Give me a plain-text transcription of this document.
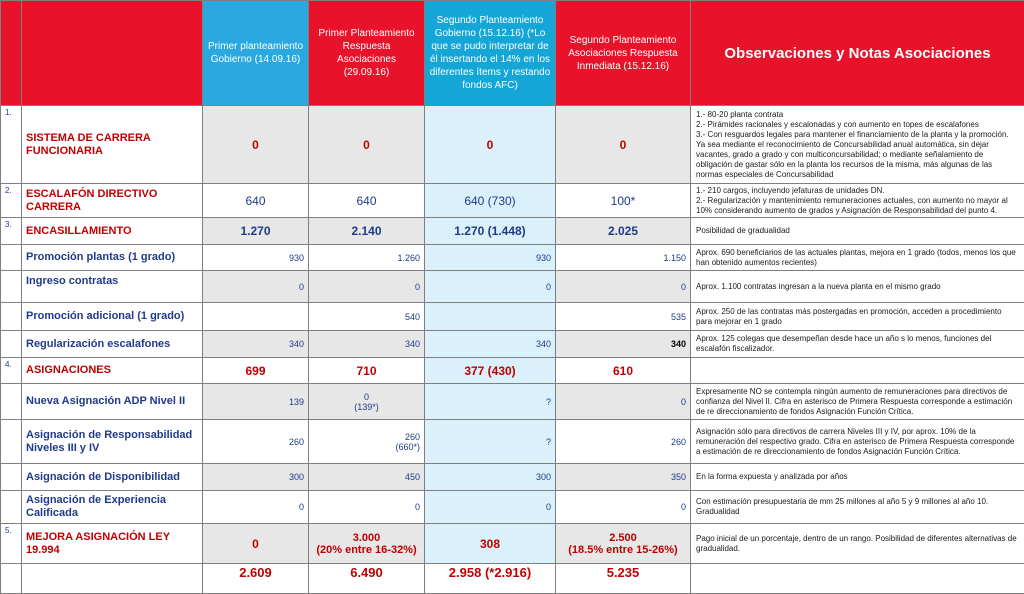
		Primer planteamiento Gobierno (14.09.16)	Primer Planteamiento Respuesta Asociaciones (29.09.16)	Segundo Planteamiento Gobierno (15.12.16) (*Lo que se pudo interpretar de él insertando el 14% en los diferentes ítems y restando fondos AFC)	Segundo Planteamiento Asociaciones Respuesta Inmediata (15.12.16)	Observaciones y Notas Asociaciones
1.	SISTEMA DE CARRERA FUNCIONARIA	0	0	0	0	1.- 80-20 planta contrata
2.- Pirámides racionales y escalonadas y con aumento en topes de escalafones
3.- Con resguardos legales para mantener el financiamiento de la planta y la promoción. Ya sea mediante el reconocimiento de Concursabilidad anual automática, sin dejar vacantes, grado a grado y con multiconcursabilidad; o mediante señalamiento de obligación de gastar sólo en la planta los recursos de la misma, más algunas de las normas especiales de Concursabilidad
2.	ESCALAFÓN DIRECTIVO CARRERA	640	640	640 (730)	100*	1.- 210 cargos, incluyendo jefaturas de unidades DN.
2.- Regularización y mantenimiento remuneraciones actuales, con aumento no mayor al 10% considerando aumento de grados y Asignación de Responsabilidad del punto 4.
3.	ENCASILLAMIENTO	1.270	2.140	1.270 (1.448)	2.025	Posibilidad de gradualidad
	Promoción plantas (1 grado)	930	1.260	930	1.150	Aprox. 690 beneficiarios de las actuales plantas, mejora en 1 grado (todos, menos los que han obtenido aumentos recientes)
	Ingreso contratas	0	0	0	0	Aprox. 1.100 contratas ingresan a la nueva planta en el mismo grado
	Promoción adicional (1 grado)		540		535	Aprox. 250 de las contratas más postergadas en promoción, acceden a procedimiento para mejorar en 1 grado
	Regularización escalafones	340	340	340	340	Aprox. 125 colegas que desempeñan desde hace un año s lo menos, funciones del escalafón fiscalizador.
4.	ASIGNACIONES	699	710	377 (430)	610	
	Nueva Asignación ADP Nivel II	139	0
(139*)	?	0	Expresamente NO se contempla ningún aumento de remuneraciones para directivos de confianza del Nivel II. Cifra en asterisco de Primera Respuesta corresponde a estimación de re direccionamiento de fondos Asignación Función Crítica.
	Asignación de Responsabilidad Niveles III y IV	260	260
(660*)	?	260	Asignación sólo para directivos de carrera Niveles III y IV, por aprox. 10% de la remuneración del respectivo grado. Cifra en asterisco de Primera Respuesta corresponde a estimación de re direccionamiento de fondos Asignación Función Crítica.
	Asignación de Disponibilidad	300	450	300	350	En la forma expuesta y analizada por años
	Asignación de Experiencia Calificada	0	0	0	0	Con estimación presupuestaria de mm 25 millones al año 5 y 9 millones al año 10. Gradualidad
5.	MEJORA ASIGNACIÓN LEY 19.994	0	3.000
(20% entre 16-32%)	308	2.500
(18.5% entre 15-26%)	Pago inicial de un porcentaje, dentro de un rango. Posibilidad de diferentes alternativas de gradualidad.
		2.609	6.490	2.958 (*2.916)	5.235	
